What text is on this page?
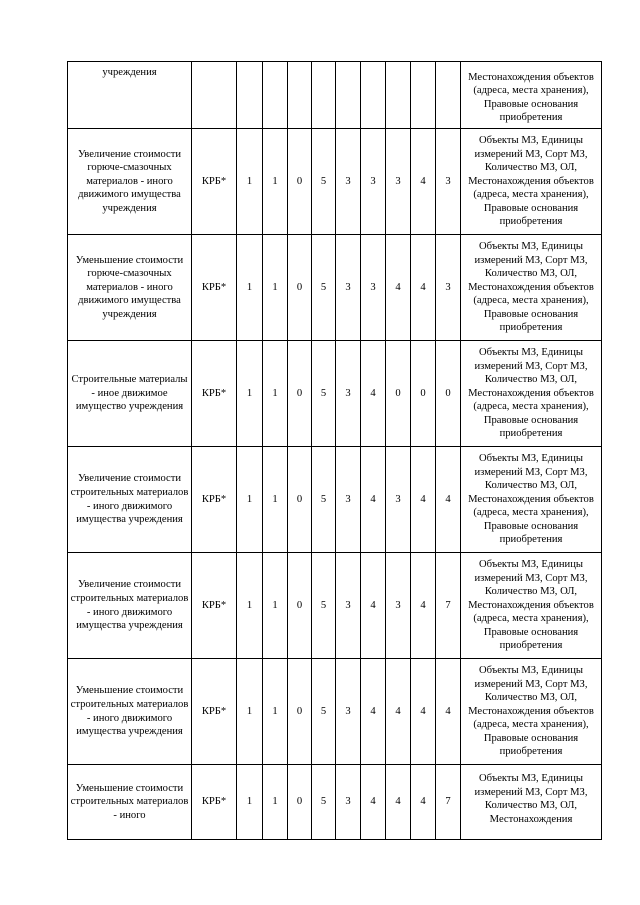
учреждения											Местонахождения объектов (адреса, места хранения), Правовые основания приобретения
Увеличение стоимости горюче-смазочных материалов - иного движимого имущества учреждения	КРБ*	1	1	0	5	3	3	3	4	3	Объекты МЗ, Единицы измерений МЗ, Сорт МЗ, Количество МЗ, ОЛ, Местонахождения объектов (адреса, места хранения), Правовые основания приобретения
Уменьшение стоимости горюче-смазочных материалов - иного движимого имущества учреждения	КРБ*	1	1	0	5	3	3	4	4	3	Объекты МЗ, Единицы измерений МЗ, Сорт МЗ, Количество МЗ, ОЛ, Местонахождения объектов (адреса, места хранения), Правовые основания приобретения
Строительные материалы - иное движимое имущество учреждения	КРБ*	1	1	0	5	3	4	0	0	0	Объекты МЗ, Единицы измерений МЗ, Сорт МЗ, Количество МЗ, ОЛ, Местонахождения объектов (адреса, места хранения), Правовые основания приобретения
Увеличение стоимости строительных материалов - иного движимого имущества учреждения	КРБ*	1	1	0	5	3	4	3	4	4	Объекты МЗ, Единицы измерений МЗ, Сорт МЗ, Количество МЗ, ОЛ, Местонахождения объектов (адреса, места хранения), Правовые основания приобретения
Увеличение стоимости строительных материалов - иного движимого имущества учреждения	КРБ*	1	1	0	5	3	4	3	4	7	Объекты МЗ, Единицы измерений МЗ, Сорт МЗ, Количество МЗ, ОЛ, Местонахождения объектов (адреса, места хранения), Правовые основания приобретения
Уменьшение стоимости строительных материалов - иного движимого имущества учреждения	КРБ*	1	1	0	5	3	4	4	4	4	Объекты МЗ, Единицы измерений МЗ, Сорт МЗ, Количество МЗ, ОЛ, Местонахождения объектов (адреса, места хранения), Правовые основания приобретения
Уменьшение стоимости строительных материалов - иного	КРБ*	1	1	0	5	3	4	4	4	7	Объекты МЗ, Единицы измерений МЗ, Сорт МЗ, Количество МЗ, ОЛ, Местонахождения
